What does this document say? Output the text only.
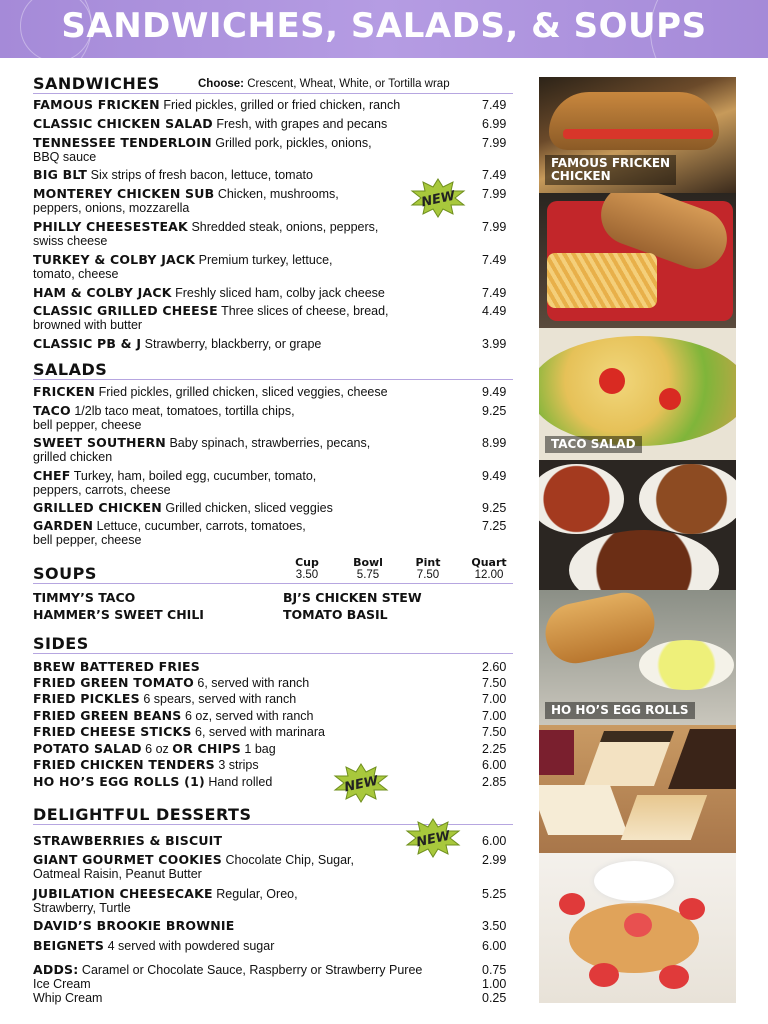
SANDWICHES, SALADS, & SOUPS
SANDWICHES	Choose: Crescent, Wheat, White, or Tortilla wrap
FAMOUS FRICKEN Fried pickles, grilled or fried chicken, ranch	7.49
CLASSIC CHICKEN SALAD Fresh, with grapes and pecans	6.99
TENNESSEE TENDERLOIN Grilled pork, pickles, onions,
BBQ sauce
7.99
BIG BLT Six strips of fresh bacon, lettuce, tomato	7.49
MONTEREY CHICKEN SUB Chicken, mushrooms,
peppers, onions, mozzarella
7.99
NEW
PHILLY CHEESESTEAK Shredded steak, onions, peppers,
swiss cheese
7.99
TURKEY & COLBY JACK Premium turkey, lettuce,
tomato, cheese
7.49
HAM & COLBY JACK Freshly sliced ham, colby jack cheese	7.49
CLASSIC GRILLED CHEESE Three slices of cheese, bread,
browned with butter
4.49
CLASSIC PB & J Strawberry, blackberry, or grape	3.99
SALADS
FRICKEN Fried pickles, grilled chicken, sliced veggies, cheese	9.49
TACO 1/2lb taco meat, tomatoes, tortilla chips,
bell pepper, cheese
9.25
SWEET SOUTHERN Baby spinach, strawberries, pecans,
grilled chicken
8.99
CHEF Turkey, ham, boiled egg, cucumber, tomato,
peppers, carrots, cheese
9.49
GRILLED CHICKEN Grilled chicken, sliced veggies	9.25
GARDEN Lettuce, cucumber, carrots, tomatoes,
bell pepper, cheese
7.25
SOUPS
Cup
3.50
Bowl
5.75
Pint
7.50
Quart
12.00
TIMMY’S TACO	BJ’S CHICKEN STEW
HAMMER’S SWEET CHILI	TOMATO BASIL
SIDES
BREW BATTERED FRIES	2.60
FRIED GREEN TOMATO 6, served with ranch	7.50
FRIED PICKLES 6 spears, served with ranch	7.00
FRIED GREEN BEANS 6 oz, served with ranch	7.00
FRIED CHEESE STICKS 6, served with marinara	7.50
POTATO SALAD 6 oz OR CHIPS 1 bag	2.25
FRIED CHICKEN TENDERS 3 strips	6.00
HO HO’S EGG ROLLS (1) Hand rolled	2.85
NEW
DELIGHTFUL DESSERTS
STRAWBERRIES & BISCUIT	6.00
NEW
GIANT GOURMET COOKIES Chocolate Chip, Sugar,
Oatmeal Raisin, Peanut Butter
2.99
JUBILATION CHEESECAKE Regular, Oreo,
Strawberry, Turtle
5.25
DAVID’S BROOKIE BROWNIE	3.50
BEIGNETS 4 served with powdered sugar	6.00
ADDS: Caramel or Chocolate Sauce, Raspberry or Strawberry Puree	0.75
Ice Cream	1.00
Whip Cream	0.25
FAMOUS FRICKEN
CHICKEN
TACO SALAD
HO HO’S EGG ROLLS
